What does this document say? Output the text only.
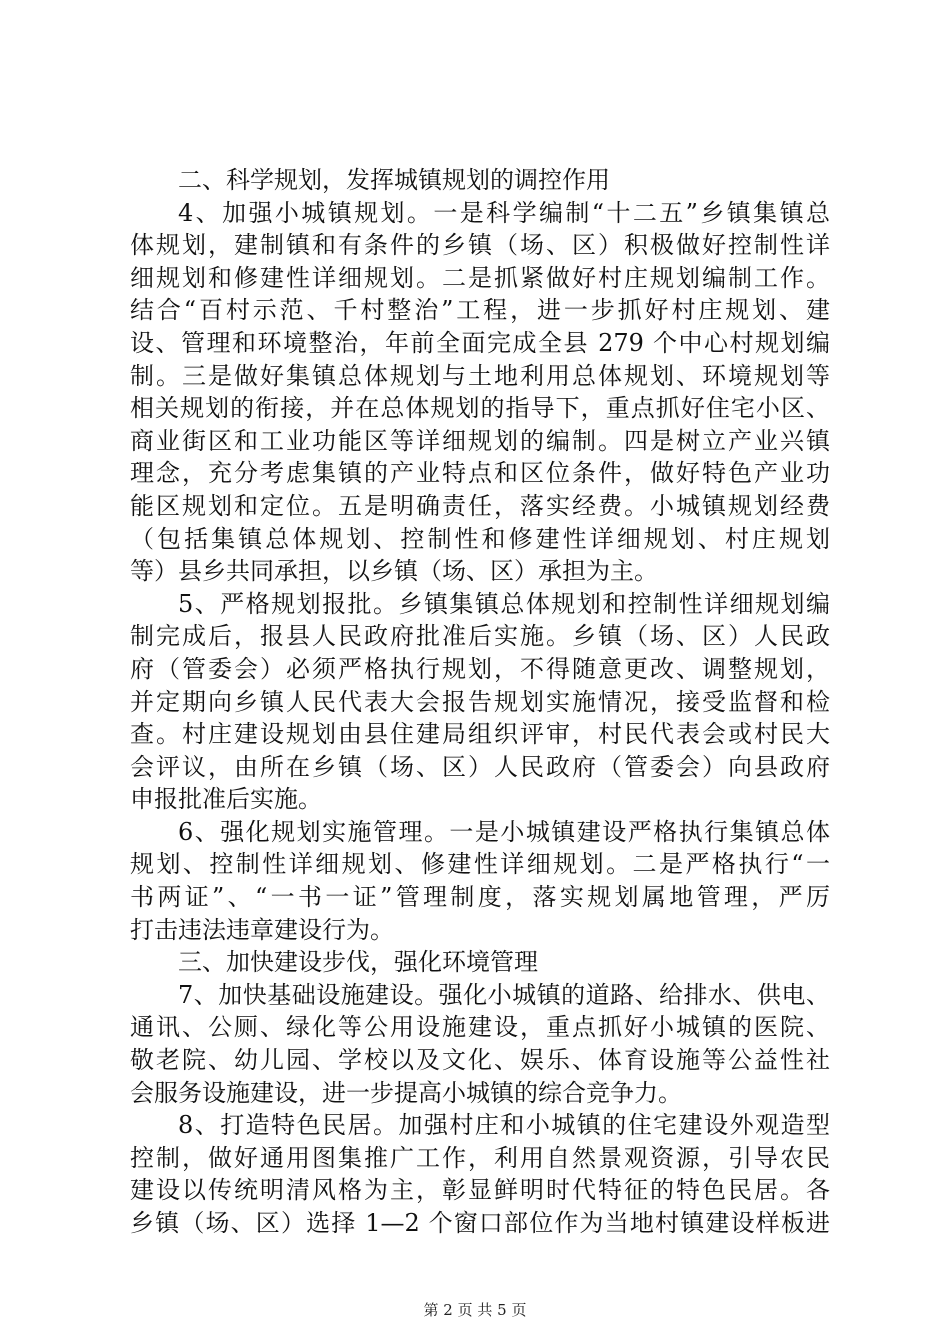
二、科学规划，发挥城镇规划的调控作用
4、加强小城镇规划。一是科学编制“十二五”乡镇集镇总
体规划，建制镇和有条件的乡镇（场、区）积极做好控制性详
细规划和修建性详细规划。二是抓紧做好村庄规划编制工作。
结合“百村示范、千村整治”工程，进一步抓好村庄规划、建
设、管理和环境整治，年前全面完成全县 279 个中心村规划编
制。三是做好集镇总体规划与土地利用总体规划、环境规划等
相关规划的衔接，并在总体规划的指导下，重点抓好住宅小区、
商业街区和工业功能区等详细规划的编制。四是树立产业兴镇
理念，充分考虑集镇的产业特点和区位条件，做好特色产业功
能区规划和定位。五是明确责任，落实经费。小城镇规划经费
（包括集镇总体规划、控制性和修建性详细规划、村庄规划
等）县乡共同承担，以乡镇（场、区）承担为主。
5、严格规划报批。乡镇集镇总体规划和控制性详细规划编
制完成后，报县人民政府批准后实施。乡镇（场、区）人民政
府（管委会）必须严格执行规划，不得随意更改、调整规划，
并定期向乡镇人民代表大会报告规划实施情况，接受监督和检
查。村庄建设规划由县住建局组织评审，村民代表会或村民大
会评议，由所在乡镇（场、区）人民政府（管委会）向县政府
申报批准后实施。
6、强化规划实施管理。一是小城镇建设严格执行集镇总体
规划、控制性详细规划、修建性详细规划。二是严格执行“一
书两证”、“一书一证”管理制度，落实规划属地管理，严厉
打击违法违章建设行为。
三、加快建设步伐，强化环境管理
7、加快基础设施建设。强化小城镇的道路、给排水、供电、
通讯、公厕、绿化等公用设施建设，重点抓好小城镇的医院、
敬老院、幼儿园、学校以及文化、娱乐、体育设施等公益性社
会服务设施建设，进一步提高小城镇的综合竞争力。
8、打造特色民居。加强村庄和小城镇的住宅建设外观造型
控制，做好通用图集推广工作，利用自然景观资源，引导农民
建设以传统明清风格为主，彰显鲜明时代特征的特色民居。各
乡镇（场、区）选择 1—2 个窗口部位作为当地村镇建设样板进
第 2 页 共 5 页
